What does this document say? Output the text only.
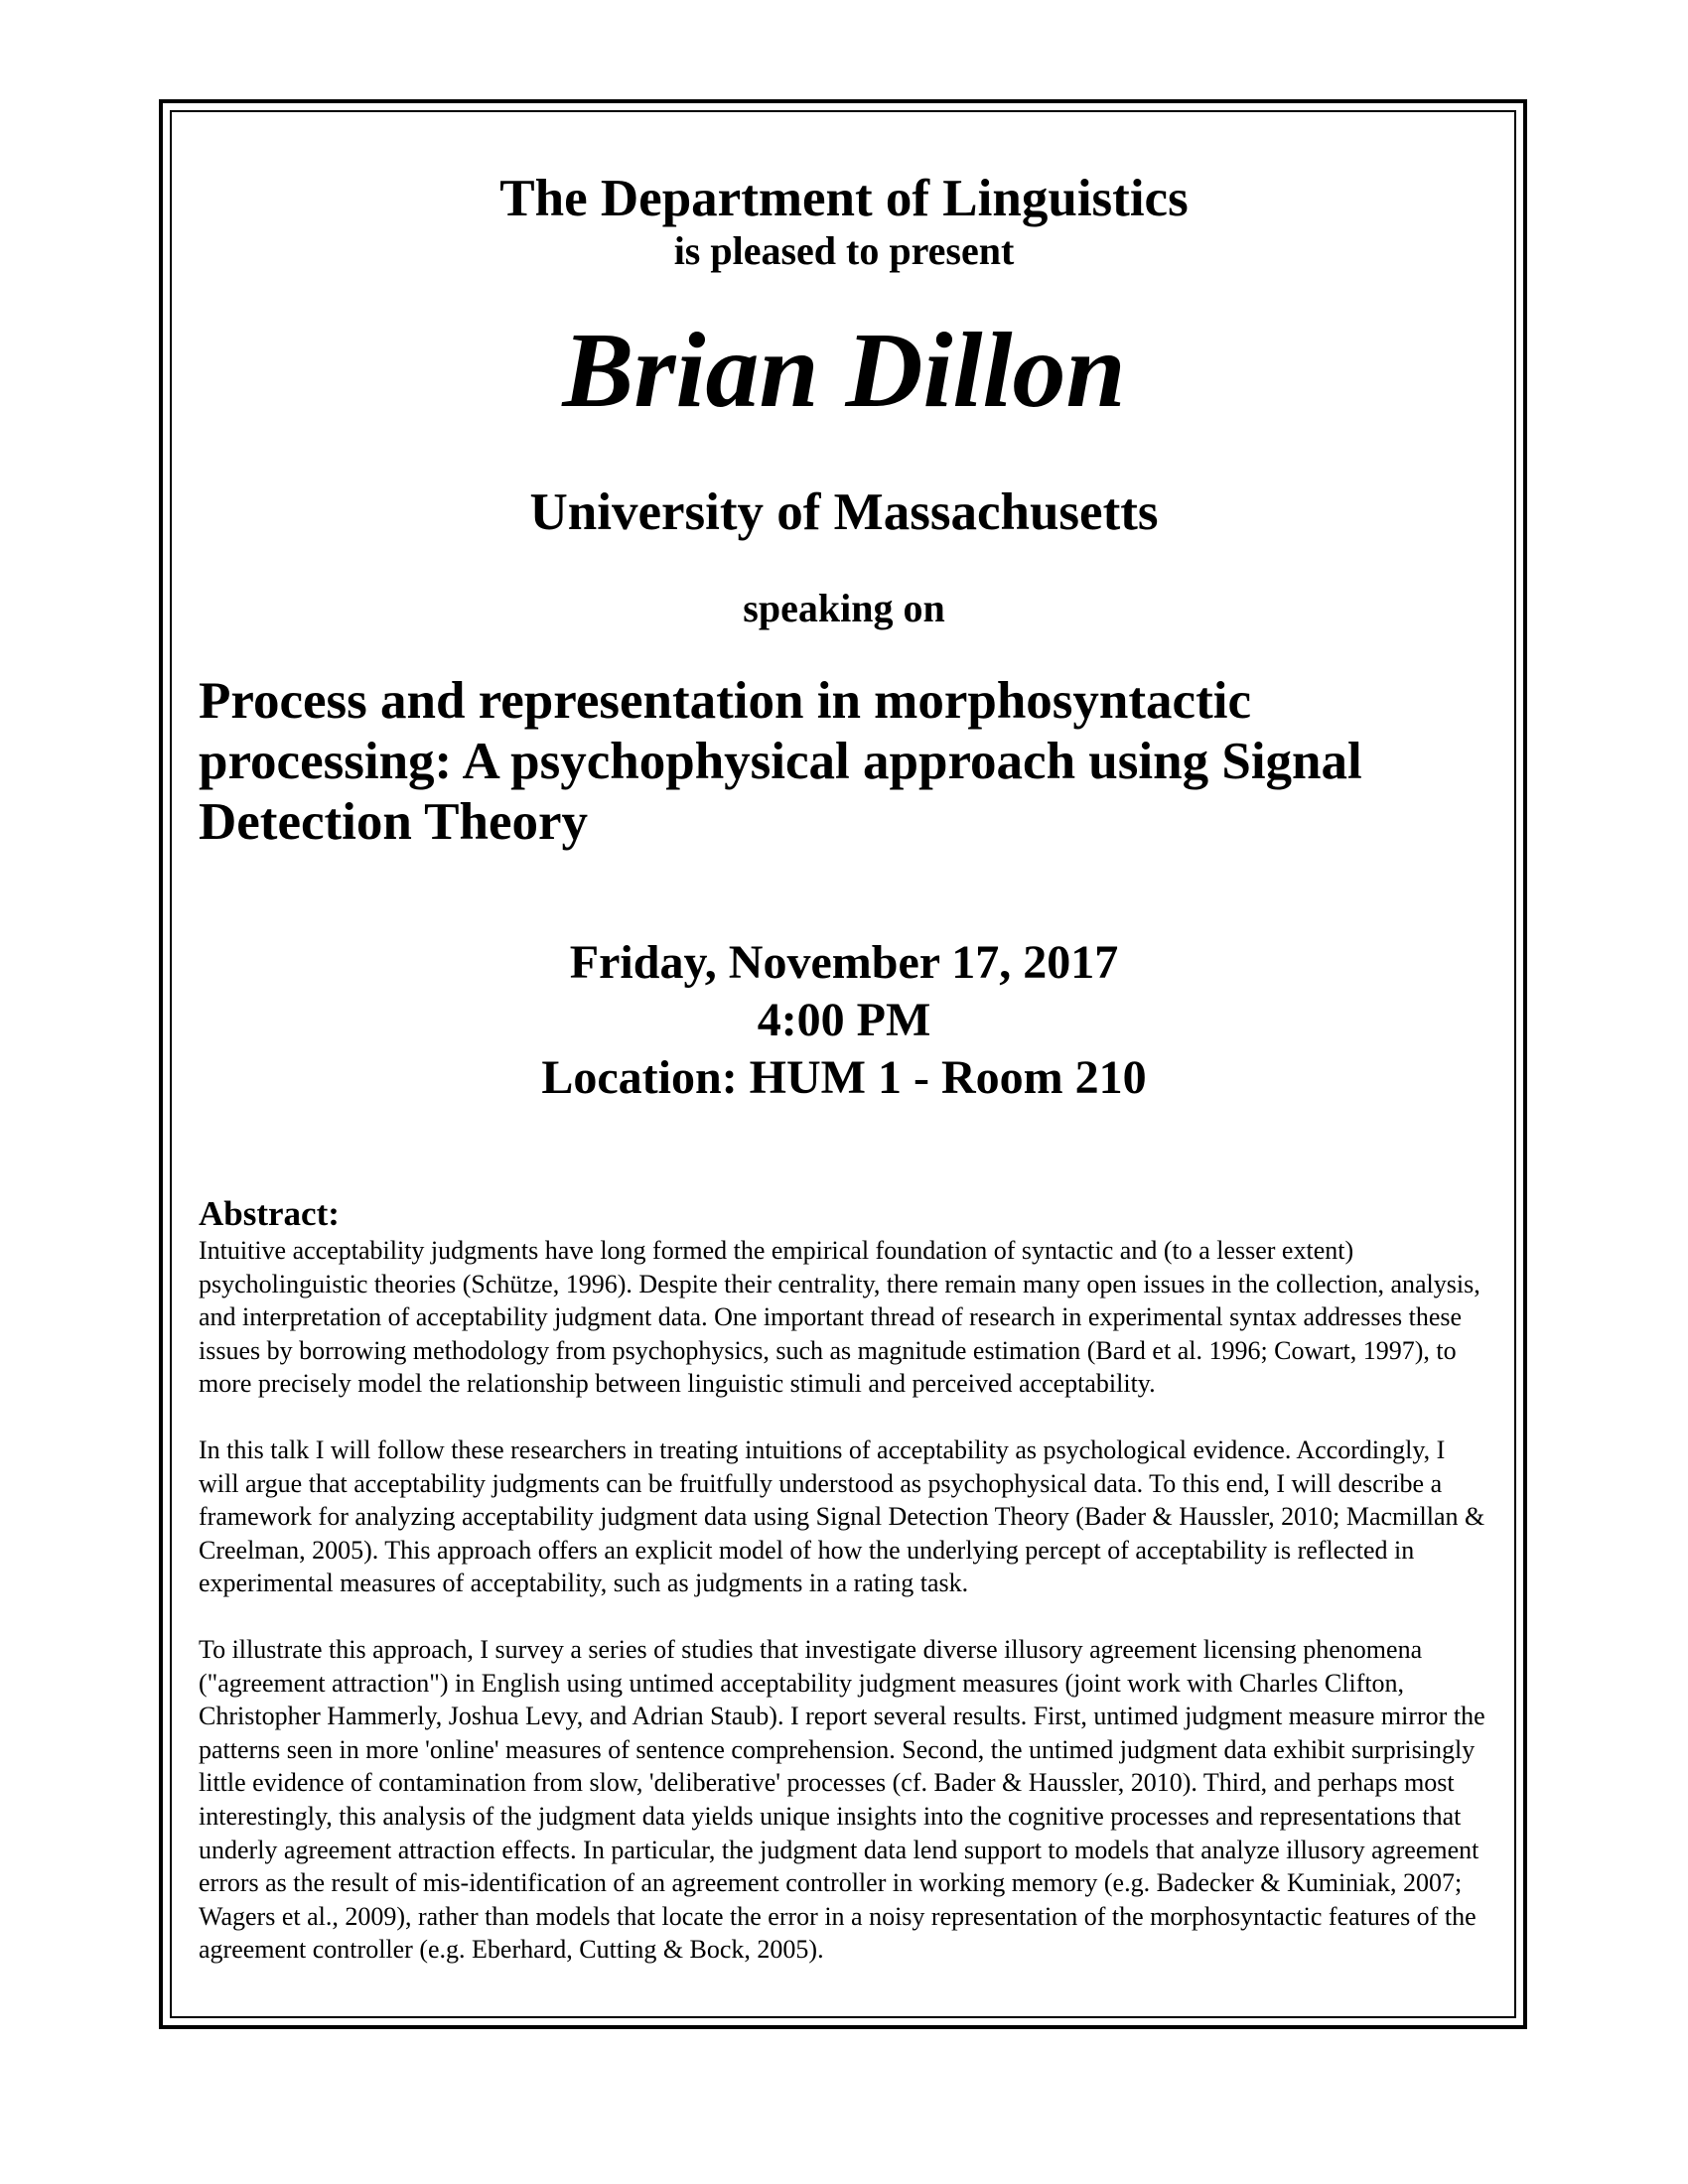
The Department of Linguistics

is pleased to present

Brian Dillon

University of Massachusetts

speaking on

Process and representation in morphosyntactic processing: A psychophysical approach using Signal Detection Theory

Friday, November 17, 2017

4:00 PM

Location: HUM 1 - Room 210

Abstract:

Intuitive acceptability judgments have long formed the empirical foundation of syntactic and (to a lesser extent) psycholinguistic theories (Schütze, 1996). Despite their centrality, there remain many open issues in the collection, analysis, and interpretation of acceptability judgment data. One important thread of research in experimental syntax addresses these issues by borrowing methodology from psychophysics, such as magnitude estimation (Bard et al. 1996; Cowart, 1997), to more precisely model the relationship between linguistic stimuli and perceived acceptability.

In this talk I will follow these researchers in treating intuitions of acceptability as psychological evidence. Accordingly, I will argue that acceptability judgments can be fruitfully understood as psychophysical data. To this end, I will describe a framework for analyzing acceptability judgment data using Signal Detection Theory (Bader & Haussler, 2010; Macmillan & Creelman, 2005). This approach offers an explicit model of how the underlying percept of acceptability is reflected in experimental measures of acceptability, such as judgments in a rating task.

To illustrate this approach, I survey a series of studies that investigate diverse illusory agreement licensing phenomena ("agreement attraction") in English using untimed acceptability judgment measures (joint work with Charles Clifton, Christopher Hammerly, Joshua Levy, and Adrian Staub). I report several results. First, untimed judgment measure mirror the patterns seen in more 'online' measures of sentence comprehension. Second, the untimed judgment data exhibit surprisingly little evidence of contamination from slow, 'deliberative' processes (cf. Bader & Haussler, 2010). Third, and perhaps most interestingly, this analysis of the judgment data yields unique insights into the cognitive processes and representations that underly agreement attraction effects. In particular, the judgment data lend support to models that analyze illusory agreement errors as the result of mis-identification of an agreement controller in working memory (e.g. Badecker & Kuminiak, 2007; Wagers et al., 2009), rather than models that locate the error in a noisy representation of the morphosyntactic features of the agreement controller (e.g. Eberhard, Cutting & Bock, 2005).
